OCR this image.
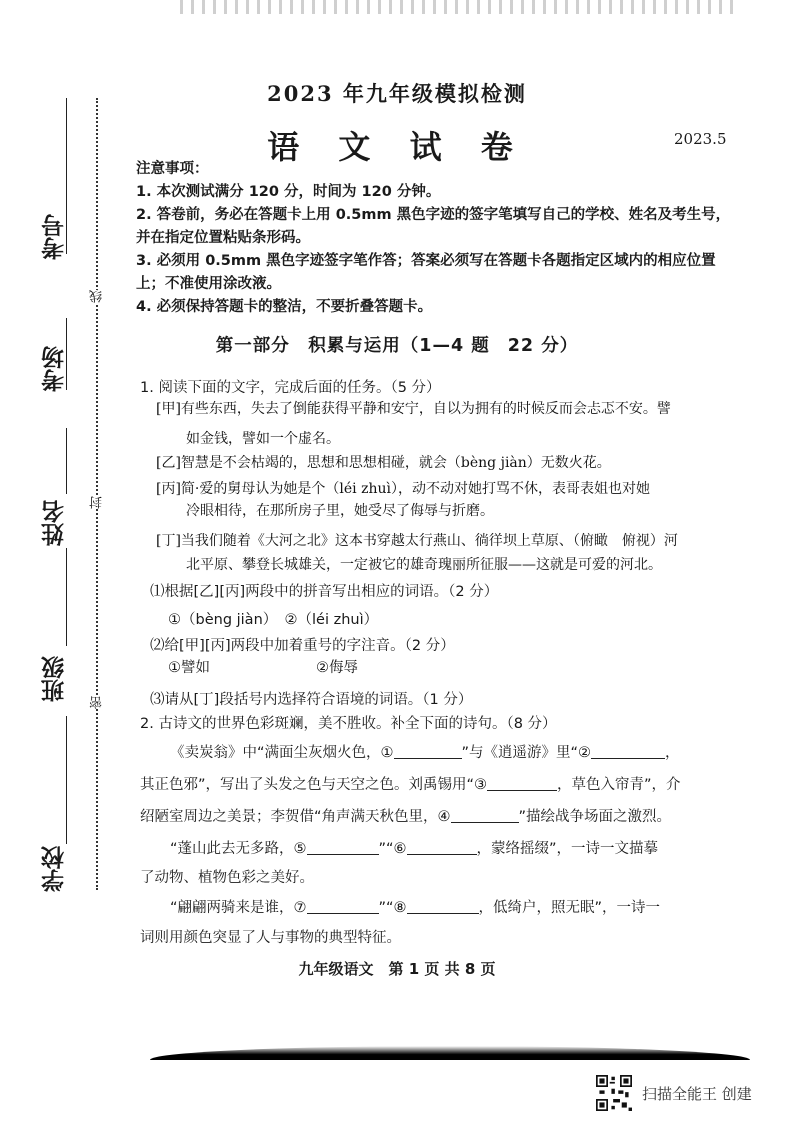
2023 年九年级模拟检测
语 文 试 卷	2023.5
考号
考场
姓名
班级
学校
线
封
密
注意事项：
1. 本次测试满分 120 分，时间为 120 分钟。
2. 答卷前，务必在答题卡上用 0.5mm 黑色字迹的签字笔填写自己的学校、姓名及考生号，
并在指定位置粘贴条形码。
3. 必须用 0.5mm 黑色字迹签字笔作答；答案必须写在答题卡各题指定区域内的相应位置
上；不准使用涂改液。
4. 必须保持答题卡的整洁，不要折叠答题卡。
第一部分　积累与运用（1—4 题 22 分）
1. 阅读下面的文字，完成后面的任务。（5 分）
[甲]有些东西，失去了倒能获得平静和安宁，自以为拥有的时候反而会忐忑不安。譬
如金钱，譬如一个虚名。
[乙]智慧是不会枯竭的，思想和思想相碰，就会（bèng jiàn）无数火花。
[丙]简·爱的舅母认为她是个（léi zhuì），动不动对她打骂不休，表哥表姐也对她
冷眼相待，在那所房子里，她受尽了侮辱与折磨。
[丁]当我们随着《大河之北》这本书穿越太行燕山、徜徉坝上草原、（俯瞰　俯视）河
北平原、攀登长城雄关，一定被它的雄奇瑰丽所征服——这就是可爱的河北。
⑴根据[乙][丙]两段中的拼音写出相应的词语。（2 分）
①（bèng jiàn）　②（léi zhuì）
⑵给[甲][丙]两段中加着重号的字注音。（2 分）
①譬如	②侮辱
⑶请从[丁]段括号内选择符合语境的词语。（1 分）
2. 古诗文的世界色彩斑斓，美不胜收。补全下面的诗句。（8 分）
《卖炭翁》中“满面尘灰烟火色，①	”与《逍遥游》里“②	，
其正色邪”，写出了头发之色与天空之色。刘禹锡用“③	，草色入帘青”，介
绍陋室周边之美景；李贺借“角声满天秋色里，④	”描绘战争场面之激烈。
“蓬山此去无多路，⑤	”“⑥	，蒙络摇缀”，一诗一文描摹
了动物、植物色彩之美好。
“翩翩两骑来是谁，⑦	”“⑧	，低绮户，照无眠”，一诗一
词则用颜色突显了人与事物的典型特征。
九年级语文　第 1 页 共 8 页
扫描全能王 创建
